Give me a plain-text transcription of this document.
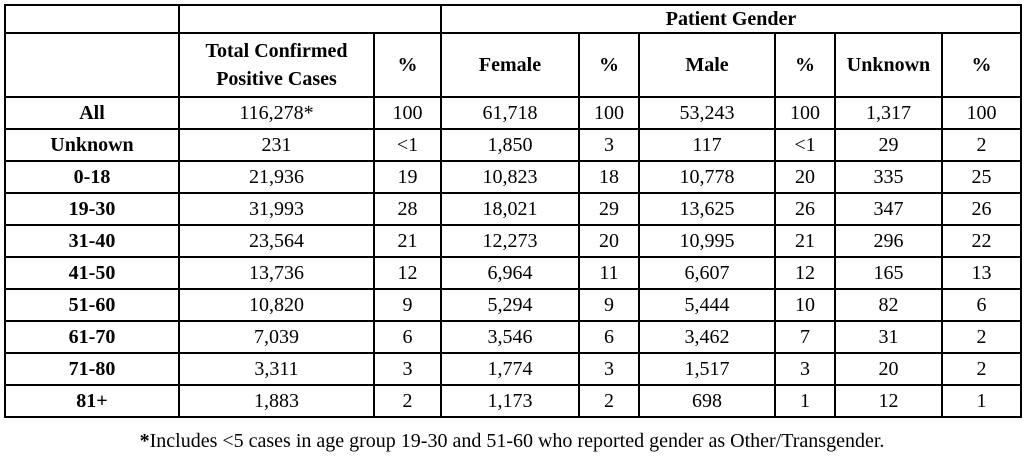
			Patient Gender					
	Total Confirmed Positive Cases	%	Female	%	Male	%	Unknown	%
All	116,278*	100	61,718	100	53,243	100	1,317	100
Unknown	231	<1	1,850	3	117	<1	29	2
0-18	21,936	19	10,823	18	10,778	20	335	25
19-30	31,993	28	18,021	29	13,625	26	347	26
31-40	23,564	21	12,273	20	10,995	21	296	22
41-50	13,736	12	6,964	11	6,607	12	165	13
51-60	10,820	9	5,294	9	5,444	10	82	6
61-70	7,039	6	3,546	6	3,462	7	31	2
71-80	3,311	3	1,774	3	1,517	3	20	2
81+	1,883	2	1,173	2	698	1	12	1
*Includes <5 cases in age group 19-30 and 51-60 who reported gender as Other/Transgender.
